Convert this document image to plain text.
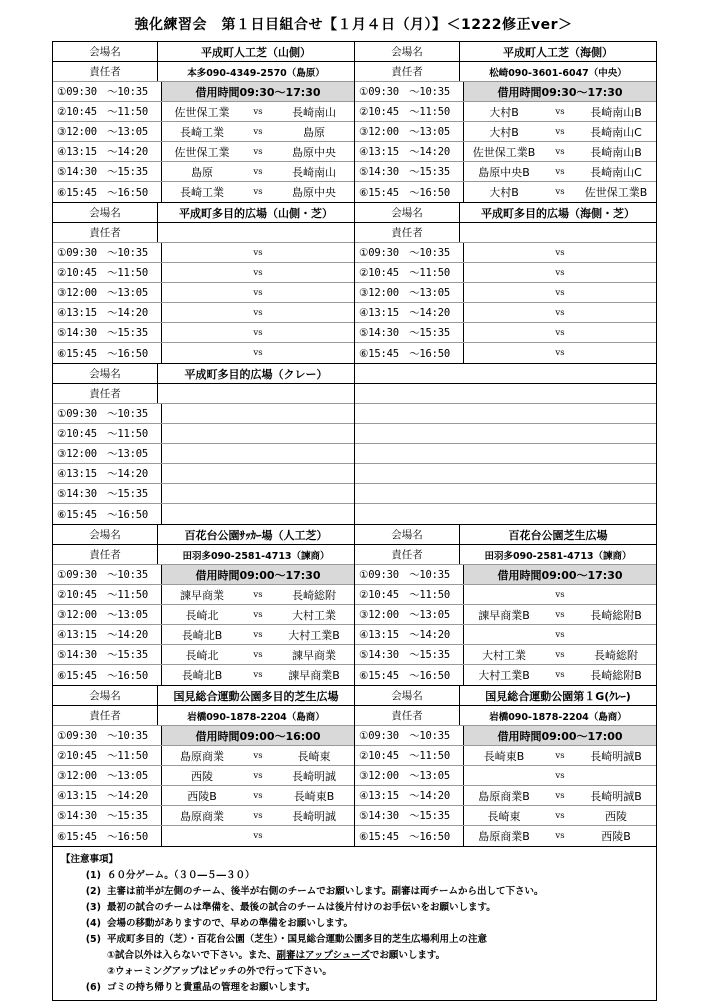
強化練習会　第１日目組合せ【１月４日（月）】＜1222修正ver＞
会場名	平成町人工芝（山側）
責任者	本多090-4349-2570（島原）
①09:30　～10:35	借用時間09:30～17:30
②10:45　～11:50	佐世保工業	vs	長崎南山
③12:00　～13:05	長崎工業	vs	島原
④13:15　～14:20	佐世保工業	vs	島原中央
⑤14:30　～15:35	島原	vs	長崎南山
⑥15:45　～16:50	長崎工業	vs	島原中央
会場名	平成町人工芝（海側）
責任者	松崎090-3601-6047（中央）
①09:30　～10:35	借用時間09:30～17:30
②10:45　～11:50	大村B	vs	長崎南山B
③12:00　～13:05	大村B	vs	長崎南山C
④13:15　～14:20	佐世保工業B	vs	長崎南山B
⑤14:30　～15:35	島原中央B	vs	長崎南山C
⑥15:45　～16:50	大村B	vs	佐世保工業B
会場名	平成町多目的広場（山側・芝）
責任者
①09:30　～10:35	vs
②10:45　～11:50	vs
③12:00　～13:05	vs
④13:15　～14:20	vs
⑤14:30　～15:35	vs
⑥15:45　～16:50	vs
会場名	平成町多目的広場（海側・芝）
責任者
①09:30　～10:35	vs
②10:45　～11:50	vs
③12:00　～13:05	vs
④13:15　～14:20	vs
⑤14:30　～15:35	vs
⑥15:45　～16:50	vs
会場名	平成町多目的広場（クレー）
責任者
①09:30　～10:35
②10:45　～11:50
③12:00　～13:05
④13:15　～14:20
⑤14:30　～15:35
⑥15:45　～16:50
会場名	百花台公園ｻｯｶｰ場（人工芝）
責任者	田羽多090-2581-4713（諫商）
①09:30　～10:35	借用時間09:00～17:30
②10:45　～11:50	諫早商業	vs	長崎総附
③12:00　～13:05	長崎北	vs	大村工業
④13:15　～14:20	長崎北B	vs	大村工業B
⑤14:30　～15:35	長崎北	vs	諫早商業
⑥15:45　～16:50	長崎北B	vs	諫早商業B
会場名	百花台公園芝生広場
責任者	田羽多090-2581-4713（諫商）
①09:30　～10:35	借用時間09:00～17:30
②10:45　～11:50	vs
③12:00　～13:05	諫早商業B	vs	長崎総附B
④13:15　～14:20	vs
⑤14:30　～15:35	大村工業	vs	長崎総附
⑥15:45　～16:50	大村工業B	vs	長崎総附B
会場名	国見総合運動公園多目的芝生広場
責任者	岩橋090-1878-2204（島商）
①09:30　～10:35	借用時間09:00～16:00
②10:45　～11:50	島原商業	vs	長崎東
③12:00　～13:05	西陵	vs	長崎明誠
④13:15　～14:20	西陵B	vs	長崎東B
⑤14:30　～15:35	島原商業	vs	長崎明誠
⑥15:45　～16:50	vs
会場名	国見総合運動公園第１G(ｸﾚｰ)
責任者	岩橋090-1878-2204（島商）
①09:30　～10:35	借用時間09:00～17:00
②10:45　～11:50	長崎東B	vs	長崎明誠B
③12:00　～13:05	vs
④13:15　～14:20	島原商業B	vs	長崎明誠B
⑤14:30　～15:35	長崎東	vs	西陵
⑥15:45　～16:50	島原商業B	vs	西陵B
【注意事項】
(1) ６０分ゲーム。（３０―５―３０）
(2) 主審は前半が左側のチーム、後半が右側のチームでお願いします。副審は両チームから出して下さい。
(3) 最初の試合のチームは準備を、最後の試合のチームは後片付けのお手伝いをお願いします。
(4) 会場の移動がありますので、早めの準備をお願いします。
(5) 平成町多目的（芝）・百花台公園（芝生）・国見総合運動公園多目的芝生広場利用上の注意
①試合以外は入らないで下さい。また、副審はアップシューズでお願いします。
②ウォーミングアップはピッチの外で行って下さい。
(6) ゴミの持ち帰りと貴重品の管理をお願いします。
